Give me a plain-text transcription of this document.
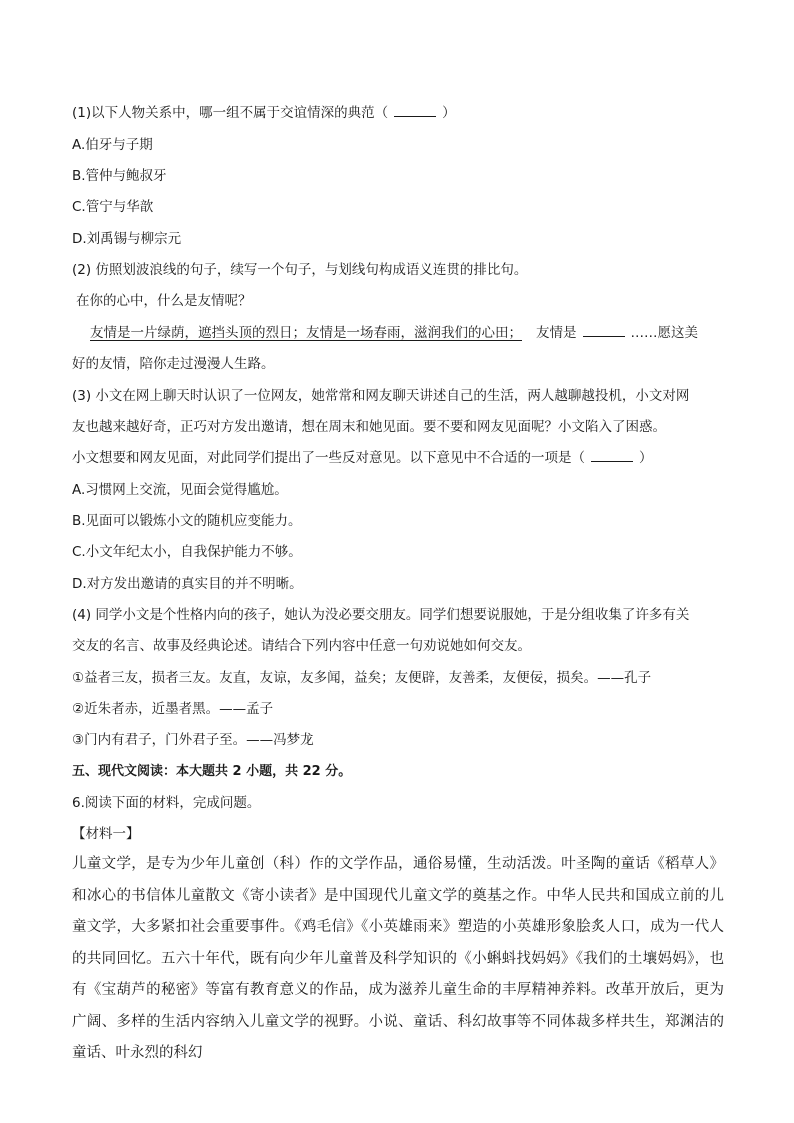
(1)以下人物关系中，哪一组不属于交谊情深的典范（	）
A.伯牙与子期
B.管仲与鲍叔牙
C.管宁与华歆
D.刘禹锡与柳宗元
(2) 仿照划波浪线的句子，续写一个句子，与划线句构成语义连贯的排比句。
在你的心中，什么是友情呢？
友情是一片绿荫，遮挡头顶的烈日；友情是一场春雨，滋润我们的心田； 友情是	……愿这美
好的友情，陪你走过漫漫人生路。
(3) 小文在网上聊天时认识了一位网友，她常常和网友聊天讲述自己的生活，两人越聊越投机，小文对网
友也越来越好奇，正巧对方发出邀请，想在周末和她见面。要不要和网友见面呢？小文陷入了困惑。
小文想要和网友见面，对此同学们提出了一些反对意见。以下意见中不合适的一项是（	）
A.习惯网上交流，见面会觉得尴尬。
B.见面可以锻炼小文的随机应变能力。
C.小文年纪太小，自我保护能力不够。
D.对方发出邀请的真实目的并不明晰。
(4) 同学小文是个性格内向的孩子，她认为没必要交朋友。同学们想要说服她，于是分组收集了许多有关
交友的名言、故事及经典论述。请结合下列内容中任意一句劝说她如何交友。
①益者三友，损者三友。友直，友谅，友多闻，益矣；友便辟，友善柔，友便佞，损矣。——孔子
②近朱者赤，近墨者黑。——孟子
③门内有君子，门外君子至。——冯梦龙
五、现代文阅读：本大题共 2 小题，共 22 分。
6.阅读下面的材料，完成问题。
【材料一】
儿童文学，是专为少年儿童创（科）作的文学作品，通俗易懂，生动活泼。叶圣陶的童话《稻草人》和冰心的书信体儿童散文《寄小读者》是中国现代儿童文学的奠基之作。中华人民共和国成立前的儿童文学，大多紧扣社会重要事件。《鸡毛信》《小英雄雨来》塑造的小英雄形象脍炙人口，成为一代人的共同回忆。五六十年代，既有向少年儿童普及科学知识的《小蝌蚪找妈妈》《我们的土壤妈妈》，也有《宝葫芦的秘密》等富有教育意义的作品，成为滋养儿童生命的丰厚精神养料。改革开放后，更为广阔、多样的生活内容纳入儿童文学的视野。小说、童话、科幻故事等不同体裁多样共生，郑渊洁的童话、叶永烈的科幻
